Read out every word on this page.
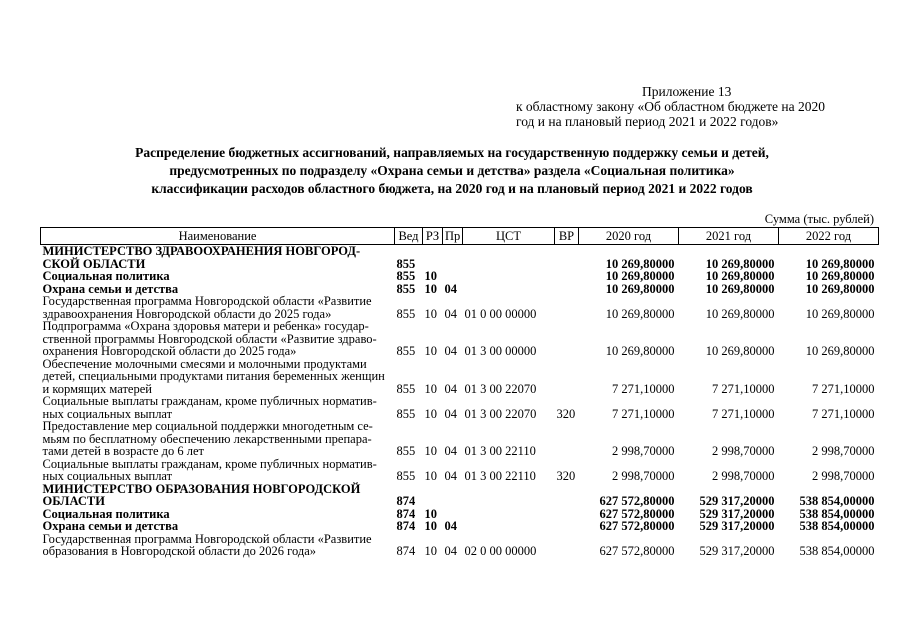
Приложение 13
к областному закону «Об областном бюджете на 2020
год и на плановый период 2021 и 2022 годов»
Распределение бюджетных ассигнований, направляемых на государственную поддержку семьи и детей,
предусмотренных по подразделу «Охрана семьи и детства» раздела «Социальная политика»
классификации расходов областного бюджета, на 2020 год и на плановый период 2021 и 2022 годов
Сумма (тыс. рублей)
Наименование	Вед	РЗ	Пр	ЦСТ	ВР	2020 год	2021 год	2022 год
МИНИСТЕРСТВО ЗДРАВООХРАНЕНИЯ НОВГОРОД-СКОЙ ОБЛАСТИ	855					10 269,80000	10 269,80000	10 269,80000
Социальная политика	855	10				10 269,80000	10 269,80000	10 269,80000
Охрана семьи и детства	855	10	04			10 269,80000	10 269,80000	10 269,80000
Государственная программа Новгородской области «Развитие здравоохранения Новгородской области до 2025 года»	855	10	04	01 0 00 00000		10 269,80000	10 269,80000	10 269,80000
Подпрограмма «Охрана здоровья матери и ребенка» государ-ственной программы Новгородской области «Развитие здраво-охранения Новгородской области до 2025 года»	855	10	04	01 3 00 00000		10 269,80000	10 269,80000	10 269,80000
Обеспечение молочными смесями и молочными продуктами детей, специальными продуктами питания беременных женщин и кормящих матерей	855	10	04	01 3 00 22070		7 271,10000	7 271,10000	7 271,10000
Социальные выплаты гражданам, кроме публичных норматив-ных социальных выплат	855	10	04	01 3 00 22070	320	7 271,10000	7 271,10000	7 271,10000
Предоставление мер социальной поддержки многодетным се-мьям по бесплатному обеспечению лекарственными препара-тами детей в возрасте до 6 лет	855	10	04	01 3 00 22110		2 998,70000	2 998,70000	2 998,70000
Социальные выплаты гражданам, кроме публичных норматив-ных социальных выплат	855	10	04	01 3 00 22110	320	2 998,70000	2 998,70000	2 998,70000
МИНИСТЕРСТВО ОБРАЗОВАНИЯ НОВГОРОДСКОЙ ОБЛАСТИ	874					627 572,80000	529 317,20000	538 854,00000
Социальная политика	874	10				627 572,80000	529 317,20000	538 854,00000
Охрана семьи и детства	874	10	04			627 572,80000	529 317,20000	538 854,00000
Государственная программа Новгородской области «Развитие образования в Новгородской области до 2026 года»	874	10	04	02 0 00 00000		627 572,80000	529 317,20000	538 854,00000
